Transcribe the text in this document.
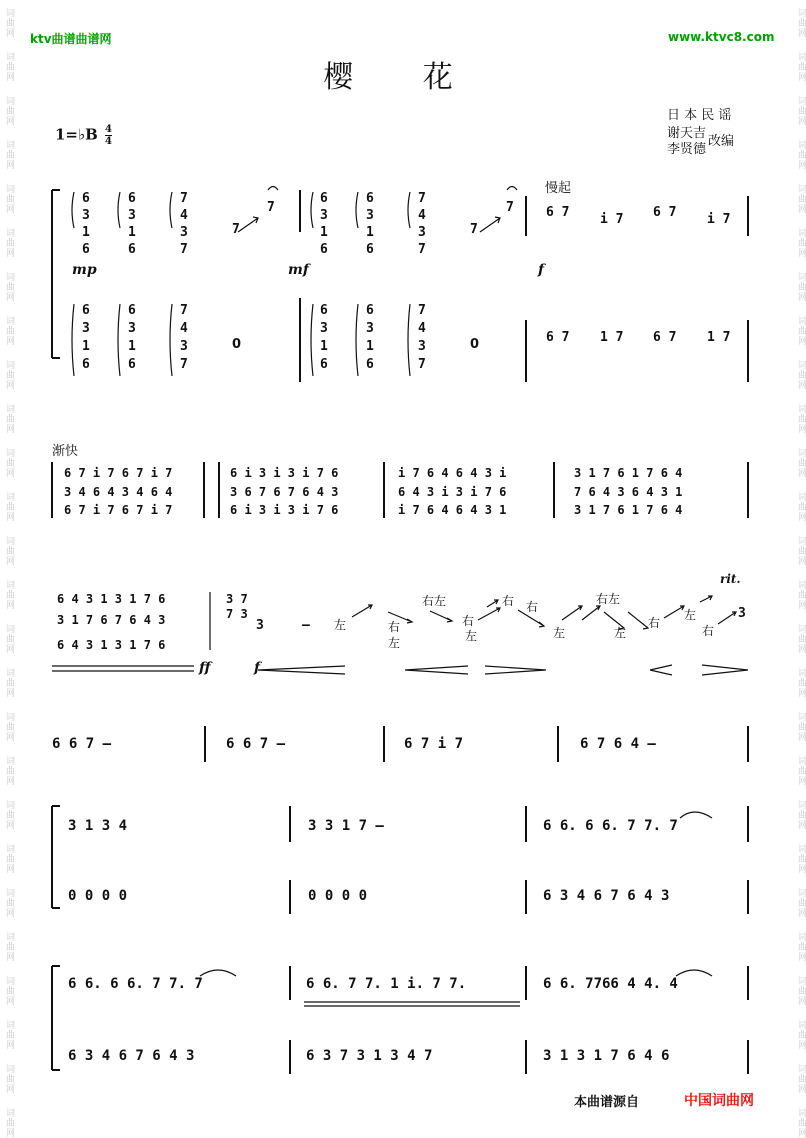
词曲网
词曲网
词曲网
词曲网
词曲网
词曲网
词曲网
词曲网
词曲网
词曲网
词曲网
词曲网
词曲网
词曲网
词曲网
词曲网
词曲网
词曲网
词曲网
词曲网
词曲网
词曲网
词曲网
词曲网
词曲网
词曲网
词曲网
词曲网
词曲网
词曲网
词曲网
词曲网
词曲网
词曲网
词曲网
词曲网
词曲网
词曲网
词曲网
词曲网
词曲网
词曲网
词曲网
词曲网
词曲网
词曲网
词曲网
词曲网
词曲网
词曲网
词曲网
词曲网
ktv曲谱曲谱网	www.ktvc8.com
樱 花
日 本 民 谣
谢天吉
李贤德
改编
1=♭B $\frac{4}{4}$
6 3 1 6
6 3 1 6
7 4 3 7
7
7
6 3 1 6
6 3 1 6
7 4 3 7
7
7
慢起
6 7	i 7 6 7	i 7
mp	mf	f
6 3 1 6
6 3 1 6
7 4 3 7
0
6 3 1 6
6 3 1 6
7 4 3 7
0	6 7 1 7 6 7 1 7
渐快
6 7 i 7 6 7 i 7
3 4 6 4 3 4 6 4
6 7 i 7 6 7 i 7
6 i 3 i 3 i 7 6
3 6 7 6 7 6 4 3
6 i 3 i 3 i 7 6
i 7 6 4 6 4 3 i
6 4 3 i 3 i 7 6
i 7 6 4 6 4 3 1
3 1 7 6 1 7 6 4
7 6 4 3 6 4 3 1
3 1 7 6 1 7 6 4
6 4 3 1 3 1 7 6
3 1 7 6 7 6 4 3
6 4 3 1 3 1 7 6
3 7 7 3
3	— 左	右
左
右左
右
左
右 右
左
右左
左
右
左
右
3
rit.
ff	f
6 6 7 —	6 6 7 —	6 7 i 7	6 7 6 4 —
3 1 3 4	3 3 1 7 —	6 6. 6 6. 7 7. 7
0 0 0 0	0 0 0 0	6 3 4 6 7 6 4 3
6 6. 6 6. 7 7. 7	6 6. 7 7. 1 i. 7 7.	6 6. 7766 4 4. 4
6 3 4 6 7 6 4 3	6 3 7 3 1 3 4 7	3 1 3 1 7 6 4 6
本曲谱源自	中国词曲网
